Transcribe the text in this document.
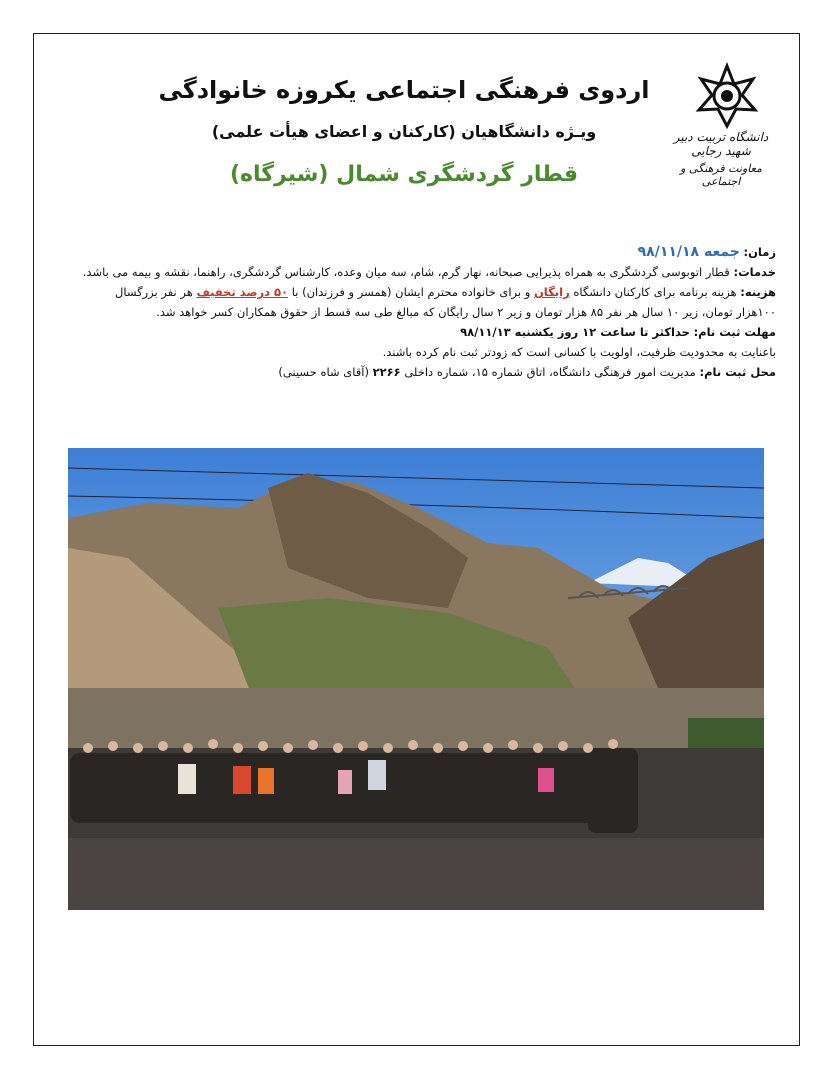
دانشگاه تربیت دبیر شهید رجایی
معاونت فرهنگی و اجتماعی
اردوی فرهنگی اجتماعی یکروزه خانوادگی
ویـژه دانشگاهیان (کارکنان و اعضای هیأت علمی)
قطار گردشگری شمال (شیرگاه)
زمان: جمعه ۹۸/۱۱/۱۸
خدمات: قطار اتوبوسی گردشگری به همراه پذیرایی صبحانه، نهار گرم، شام، سه میان وعده، کارشناس گردشگری، راهنما، نقشه و بیمه می باشد.
هزینه: هزینه برنامه برای کارکنان دانشگاه رایگان و برای خانواده محترم ایشان (همسر و فرزندان) با ۵۰ درصد تخفیف هر نفر بزرگسال
۱۰۰هزار تومان، زیر ۱۰ سال هر نفر ۸۵ هزار تومان و زیر ۲ سال رایگان که مبالغ طی سه قسط از حقوق همکاران کسر خواهد شد.
مهلت ثبت نام: حداکثر تا ساعت ۱۲ روز یکشنبه ۹۸/۱۱/۱۳
باعنایت به محدودیت ظرفیت، اولویت با کسانی است که زودتر ثبت نام کرده باشند.
محل ثبت نام: مدیریت امور فرهنگی دانشگاه، اتاق شماره ۱۵، شماره داخلی ۲۲۶۶ (آقای شاه حسینی)
